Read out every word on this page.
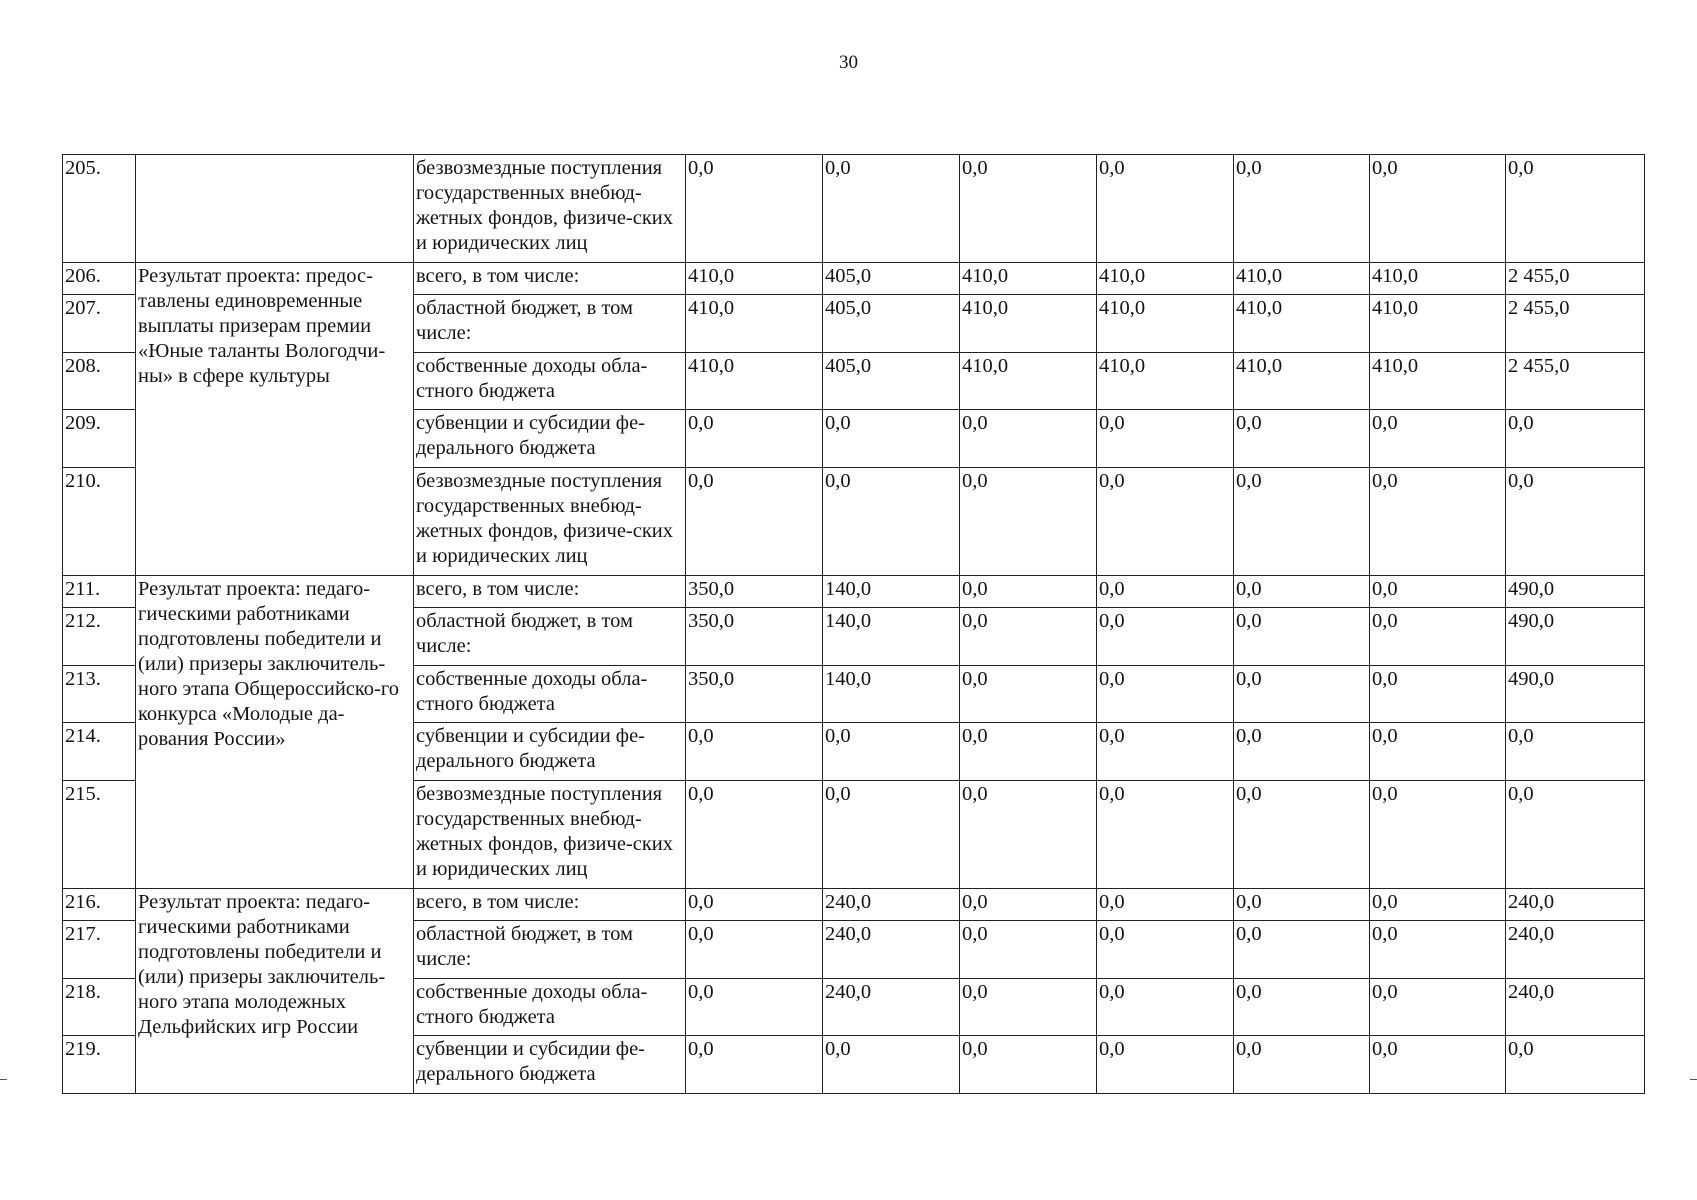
30
205.		безвозмездные поступления государственных внебюд-жетных фондов, физиче-ских и юридических лиц	0,0	0,0	0,0	0,0	0,0	0,0	0,0
206.	Результат проекта: предос-тавлены единовременные выплаты призерам премии «Юные таланты Вологодчи-ны» в сфере культуры	всего, в том числе:	410,0	405,0	410,0	410,0	410,0	410,0	2 455,0
207.		областной бюджет, в том числе:	410,0	405,0	410,0	410,0	410,0	410,0	2 455,0
208.		собственные доходы обла-стного бюджета	410,0	405,0	410,0	410,0	410,0	410,0	2 455,0
209.		субвенции и субсидии фе-дерального бюджета	0,0	0,0	0,0	0,0	0,0	0,0	0,0
210.		безвозмездные поступления государственных внебюд-жетных фондов, физиче-ских и юридических лиц	0,0	0,0	0,0	0,0	0,0	0,0	0,0
211.	Результат проекта: педаго-гическими работниками подготовлены победители и (или) призеры заключитель-ного этапа Общероссийско-го конкурса «Молодые да-рования России»	всего, в том числе:	350,0	140,0	0,0	0,0	0,0	0,0	490,0
212.		областной бюджет, в том числе:	350,0	140,0	0,0	0,0	0,0	0,0	490,0
213.		собственные доходы обла-стного бюджета	350,0	140,0	0,0	0,0	0,0	0,0	490,0
214.		субвенции и субсидии фе-дерального бюджета	0,0	0,0	0,0	0,0	0,0	0,0	0,0
215.		безвозмездные поступления государственных внебюд-жетных фондов, физиче-ских и юридических лиц	0,0	0,0	0,0	0,0	0,0	0,0	0,0
216.	Результат проекта: педаго-гическими работниками подготовлены победители и (или) призеры заключитель-ного этапа молодежных Дельфийских игр России	всего, в том числе:	0,0	240,0	0,0	0,0	0,0	0,0	240,0
217.		областной бюджет, в том числе:	0,0	240,0	0,0	0,0	0,0	0,0	240,0
218.		собственные доходы обла-стного бюджета	0,0	240,0	0,0	0,0	0,0	0,0	240,0
219.		субвенции и субсидии фе-дерального бюджета	0,0	0,0	0,0	0,0	0,0	0,0	0,0
